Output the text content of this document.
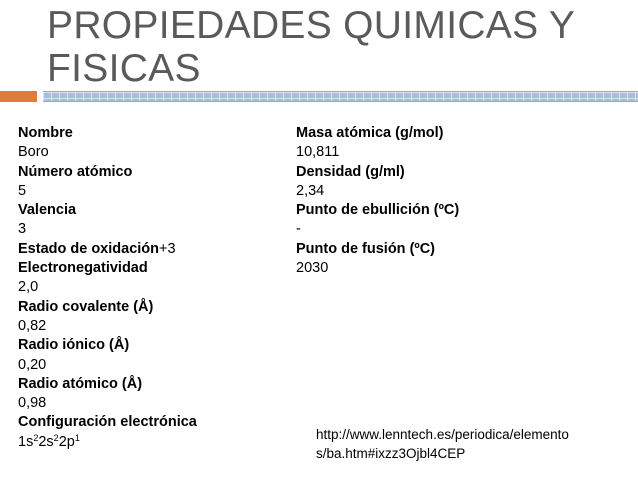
PROPIEDADES QUIMICAS Y
FISICAS
Nombre
Boro
Número atómico
5
Valencia
3
Estado de oxidación+3
Electronegatividad
2,0
Radio covalente (Å)
0,82
Radio iónico (Å)
0,20
Radio atómico (Å)
0,98
Configuración electrónica
$1s^22s^22p^1$
Masa atómica (g/mol)
10,811
Densidad (g/ml)
2,34
Punto de ebullición (ºC)
-
Punto de fusión (ºC)
2030
http://www.lenntech.es/periodica/elemento
s/ba.htm#ixzz3Ojbl4CEP
